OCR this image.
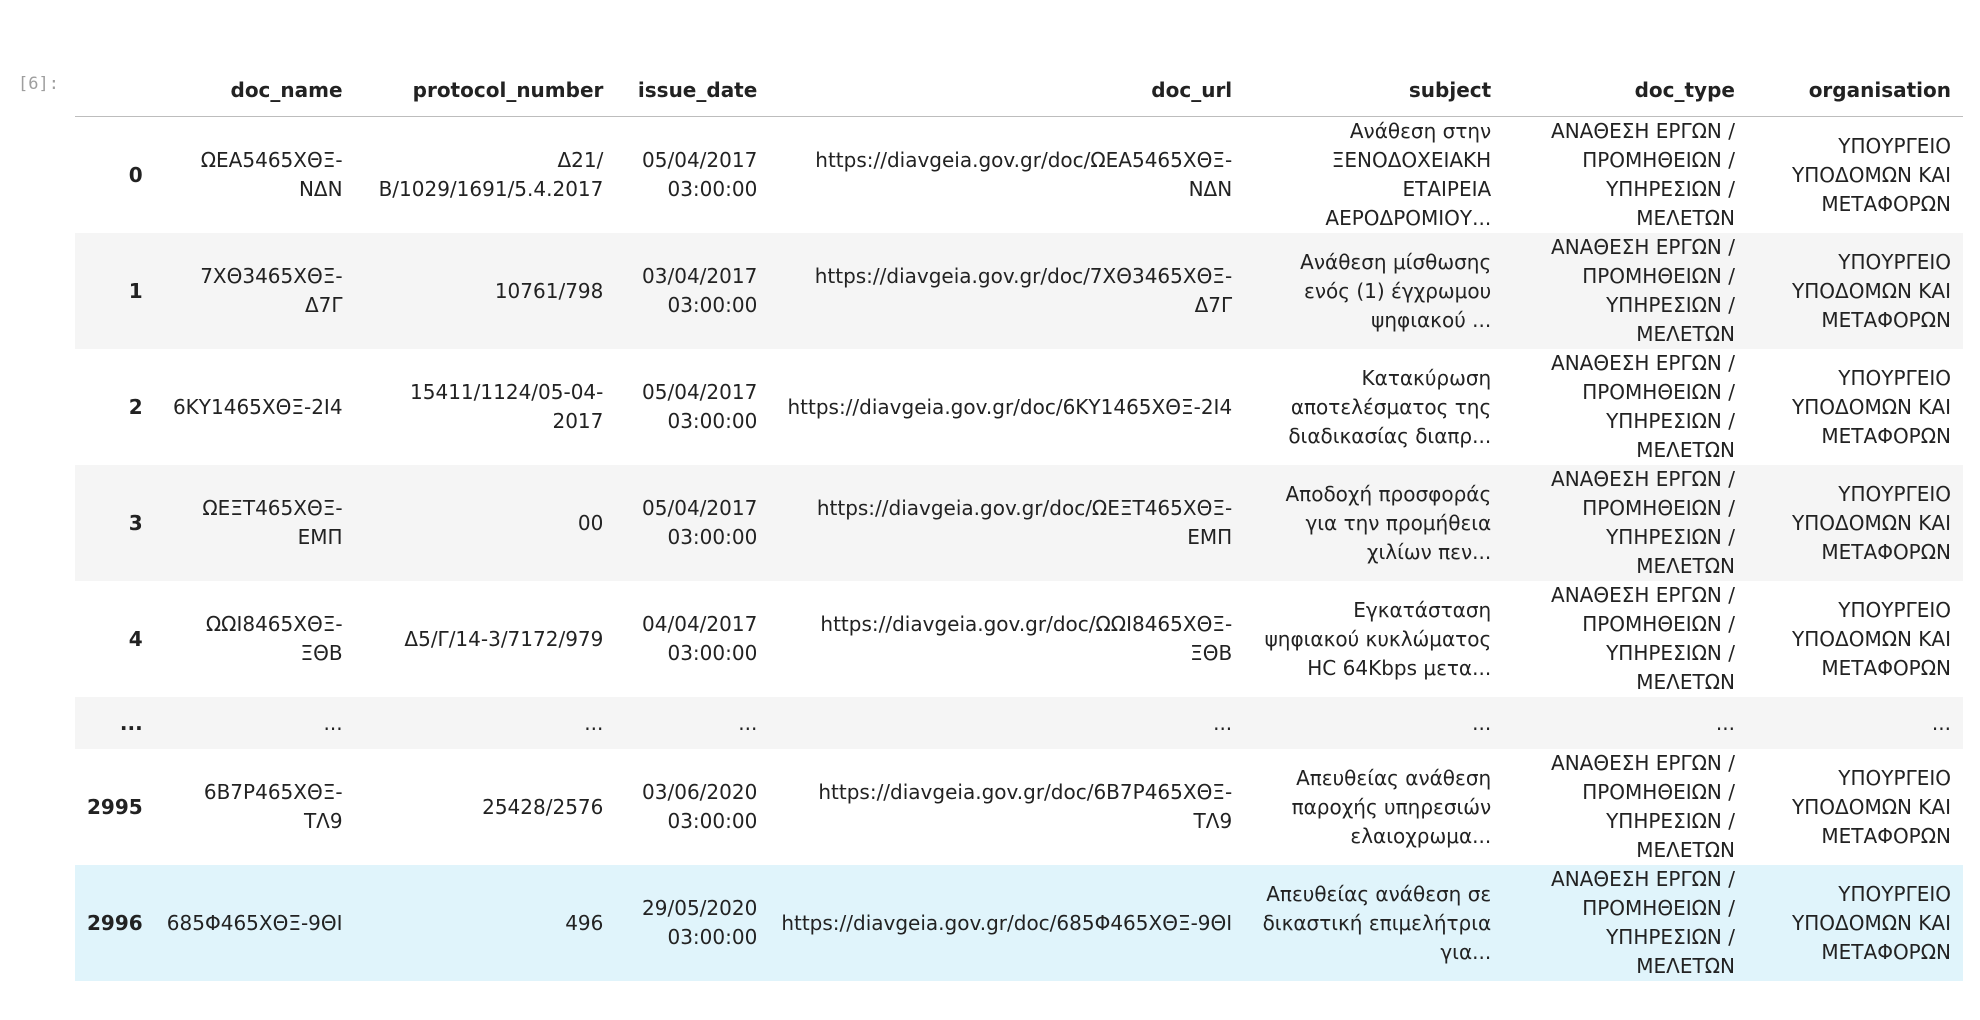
[6]:
		doc_name	protocol_number	issue_date	doc_url	subject	doc_type	organisation
0	ΩΕΑ5465ΧΘΞ-ΝΔΝ	Δ21/Β/1029/1691/5.4.2017	05/04/2017 03:00:00	https://diavgeia.gov.gr/doc/ΩΕΑ5465ΧΘΞ-ΝΔΝ	Ανάθεση στην ΞΕΝΟΔΟΧΕΙΑΚΗ ΕΤΑΙΡΕΙΑ ΑΕΡΟΔΡΟΜΙΟΥ...	ΑΝΑΘΕΣΗ ΕΡΓΩΝ / ΠΡΟΜΗΘΕΙΩΝ / ΥΠΗΡΕΣΙΩΝ / ΜΕΛΕΤΩΝ	ΥΠΟΥΡΓΕΙΟ ΥΠΟΔΟΜΩΝ ΚΑΙ ΜΕΤΑΦΟΡΩΝ
1	7ΧΘ3465ΧΘΞ-Δ7Γ	10761/798	03/04/2017 03:00:00	https://diavgeia.gov.gr/doc/7ΧΘ3465ΧΘΞ-Δ7Γ	Ανάθεση μίσθωσης ενός (1) έγχρωμου ψηφιακού ...	ΑΝΑΘΕΣΗ ΕΡΓΩΝ / ΠΡΟΜΗΘΕΙΩΝ / ΥΠΗΡΕΣΙΩΝ / ΜΕΛΕΤΩΝ	ΥΠΟΥΡΓΕΙΟ ΥΠΟΔΟΜΩΝ ΚΑΙ ΜΕΤΑΦΟΡΩΝ
2	6ΚΥ1465ΧΘΞ-2Ι4	15411/1124/05-04-2017	05/04/2017 03:00:00	https://diavgeia.gov.gr/doc/6ΚΥ1465ΧΘΞ-2Ι4	Κατακύρωση αποτελέσματος της διαδικασίας διαπρ...	ΑΝΑΘΕΣΗ ΕΡΓΩΝ / ΠΡΟΜΗΘΕΙΩΝ / ΥΠΗΡΕΣΙΩΝ / ΜΕΛΕΤΩΝ	ΥΠΟΥΡΓΕΙΟ ΥΠΟΔΟΜΩΝ ΚΑΙ ΜΕΤΑΦΟΡΩΝ
3	ΩΕΞΤ465ΧΘΞ-ΕΜΠ	00	05/04/2017 03:00:00	https://diavgeia.gov.gr/doc/ΩΕΞΤ465ΧΘΞ-ΕΜΠ	Αποδοχή προσφοράς για την προμήθεια χιλίων πεν...	ΑΝΑΘΕΣΗ ΕΡΓΩΝ / ΠΡΟΜΗΘΕΙΩΝ / ΥΠΗΡΕΣΙΩΝ / ΜΕΛΕΤΩΝ	ΥΠΟΥΡΓΕΙΟ ΥΠΟΔΟΜΩΝ ΚΑΙ ΜΕΤΑΦΟΡΩΝ
4	ΩΩΙ8465ΧΘΞ-ΞΘΒ	Δ5/Γ/14-3/7172/979	04/04/2017 03:00:00	https://diavgeia.gov.gr/doc/ΩΩΙ8465ΧΘΞ-ΞΘΒ	Εγκατάσταση ψηφιακού κυκλώματος HC 64Kbps μετα...	ΑΝΑΘΕΣΗ ΕΡΓΩΝ / ΠΡΟΜΗΘΕΙΩΝ / ΥΠΗΡΕΣΙΩΝ / ΜΕΛΕΤΩΝ	ΥΠΟΥΡΓΕΙΟ ΥΠΟΔΟΜΩΝ ΚΑΙ ΜΕΤΑΦΟΡΩΝ
...	...	...	...	...	...	...	...
2995	6Β7Ρ465ΧΘΞ-ΤΛ9	25428/2576	03/06/2020 03:00:00	https://diavgeia.gov.gr/doc/6Β7Ρ465ΧΘΞ-ΤΛ9	Απευθείας ανάθεση παροχής υπηρεσιών ελαιοχρωμα...	ΑΝΑΘΕΣΗ ΕΡΓΩΝ / ΠΡΟΜΗΘΕΙΩΝ / ΥΠΗΡΕΣΙΩΝ / ΜΕΛΕΤΩΝ	ΥΠΟΥΡΓΕΙΟ ΥΠΟΔΟΜΩΝ ΚΑΙ ΜΕΤΑΦΟΡΩΝ
2996	685Φ465ΧΘΞ-9ΘΙ	496	29/05/2020 03:00:00	https://diavgeia.gov.gr/doc/685Φ465ΧΘΞ-9ΘΙ	Απευθείας ανάθεση σε δικαστική επιμελήτρια για...	ΑΝΑΘΕΣΗ ΕΡΓΩΝ / ΠΡΟΜΗΘΕΙΩΝ / ΥΠΗΡΕΣΙΩΝ / ΜΕΛΕΤΩΝ	ΥΠΟΥΡΓΕΙΟ ΥΠΟΔΟΜΩΝ ΚΑΙ ΜΕΤΑΦΟΡΩΝ
